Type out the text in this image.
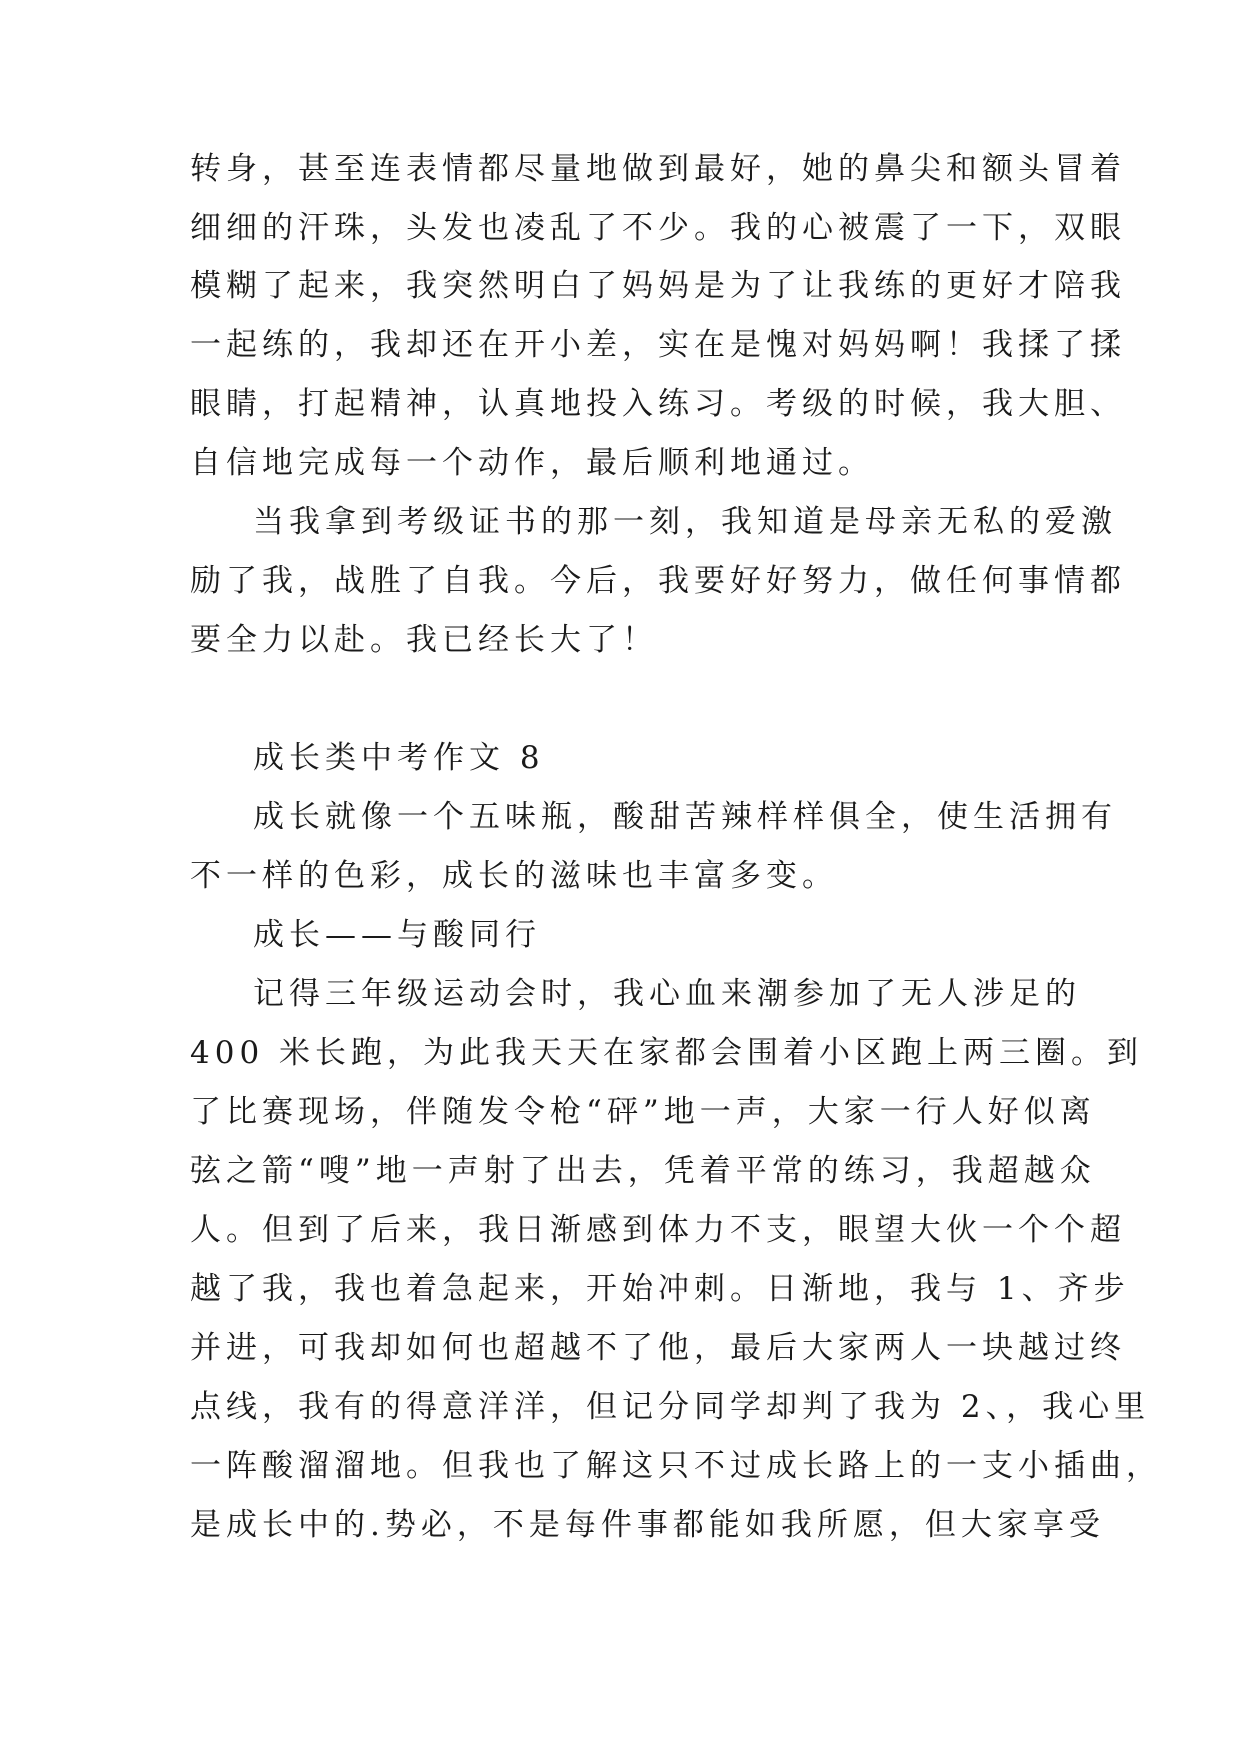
转身，甚至连表情都尽量地做到最好，她的鼻尖和额头冒着

细细的汗珠，头发也凌乱了不少。我的心被震了一下，双眼

模糊了起来，我突然明白了妈妈是为了让我练的更好才陪我

一起练的，我却还在开小差，实在是愧对妈妈啊！我揉了揉

眼睛，打起精神，认真地投入练习。考级的时候，我大胆、

自信地完成每一个动作，最后顺利地通过。

当我拿到考级证书的那一刻，我知道是母亲无私的爱激

励了我，战胜了自我。今后，我要好好努力，做任何事情都

要全力以赴。我已经长大了！

成长类中考作文 8

成长就像一个五味瓶，酸甜苦辣样样俱全，使生活拥有

不一样的色彩，成长的滋味也丰富多变。

成长——与酸同行

记得三年级运动会时，我心血来潮参加了无人涉足的

400 米长跑，为此我天天在家都会围着小区跑上两三圈。到

了比赛现场，伴随发令枪“砰”地一声，大家一行人好似离

弦之箭“嗖”地一声射了出去，凭着平常的练习，我超越众

人。但到了后来，我日渐感到体力不支，眼望大伙一个个超

越了我，我也着急起来，开始冲刺。日渐地，我与 1、齐步

并进，可我却如何也超越不了他，最后大家两人一块越过终

点线，我有的得意洋洋，但记分同学却判了我为 2、，我心里

一阵酸溜溜地。但我也了解这只不过成长路上的一支小插曲，

是成长中的.势必，不是每件事都能如我所愿，但大家享受
